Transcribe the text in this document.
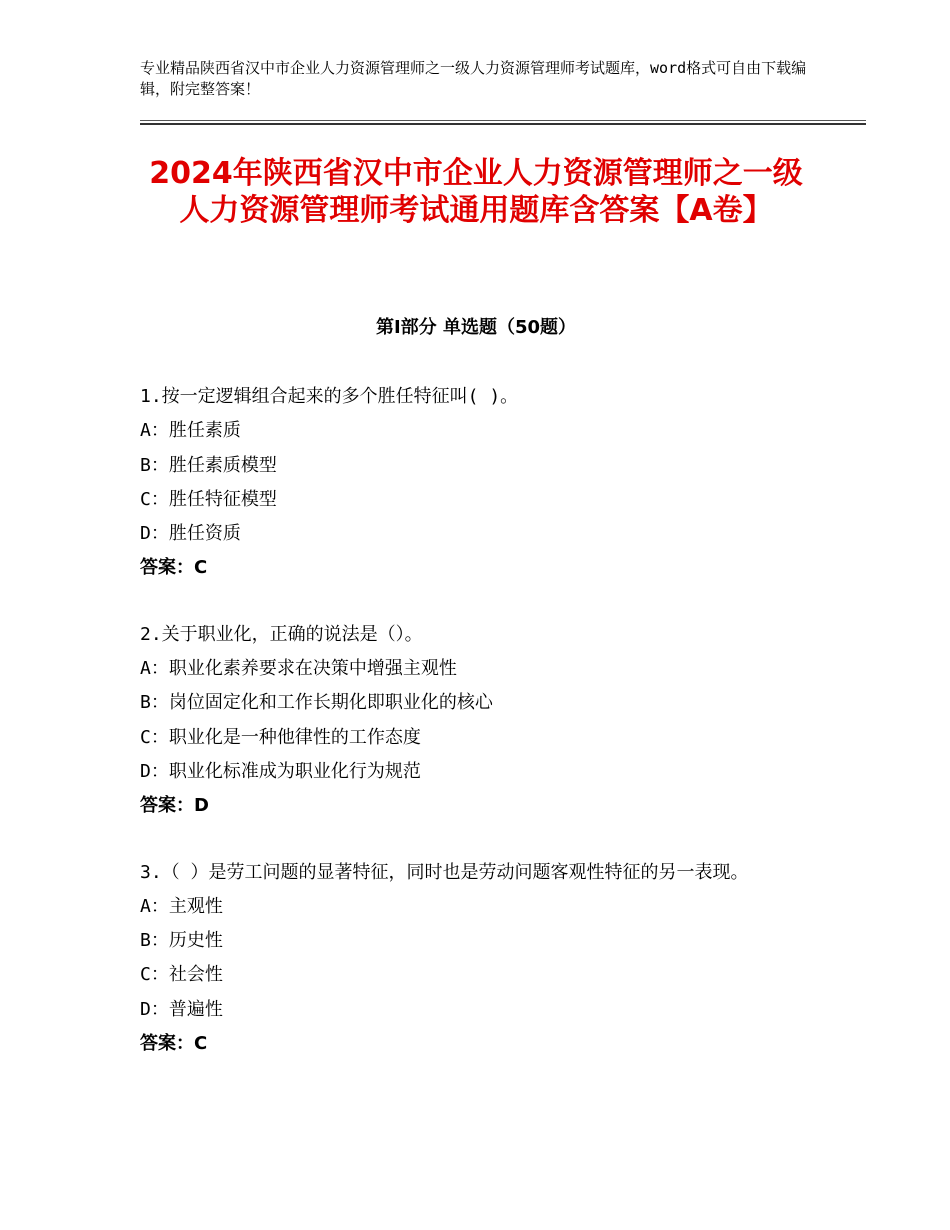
专业精品陕西省汉中市企业人力资源管理师之一级人力资源管理师考试题库，word格式可自由下载编辑，附完整答案！
2024年陕西省汉中市企业人力资源管理师之一级人力资源管理师考试通用题库含答案【A卷】
第Ⅰ部分 单选题（50题）
1.按一定逻辑组合起来的多个胜任特征叫( )。
A：胜任素质
B：胜任素质模型
C：胜任特征模型
D：胜任资质
答案：C
2.关于职业化，正确的说法是（）。
A：职业化素养要求在决策中增强主观性
B：岗位固定化和工作长期化即职业化的核心
C：职业化是一种他律性的工作态度
D：职业化标准成为职业化行为规范
答案：D
3.（ ）是劳工问题的显著特征，同时也是劳动问题客观性特征的另一表现。
A：主观性
B：历史性
C：社会性
D：普遍性
答案：C
